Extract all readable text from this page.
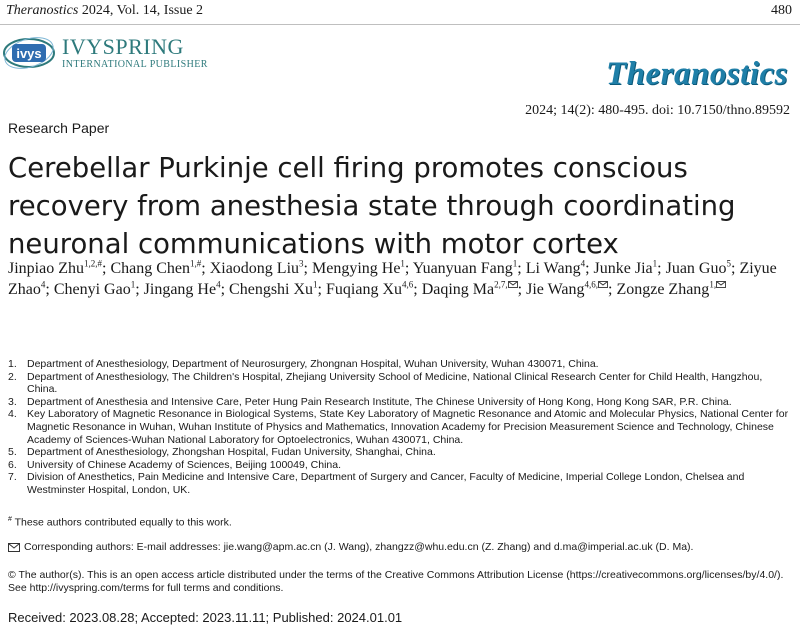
Theranostics 2024, Vol. 14, Issue 2	480
ivys IVYSPRING
INTERNATIONAL PUBLISHER	Theranostics
2024; 14(2): 480-495. doi: 10.7150/thno.89592
Research Paper
Cerebellar Purkinje cell firing promotes conscious recovery from anesthesia state through coordinating neuronal communications with motor cortex
Jinpiao Zhu$^{1,2,\#}$; Chang Chen$^{1,\#}$; Xiaodong Liu$^3$; Mengying He$^1$; Yuanyuan Fang$^1$; Li Wang$^4$; Junke Jia$^1$; Juan Guo$^5$; Ziyue Zhao$^4$; Chenyi Gao$^1$; Jingang He$^4$; Chengshi Xu$^1$; Fuqiang Xu$^{4,6}$; Daqing $Ma^{2,7,}$ ; Jie Wang$^{4,6,}$ ; Zongze Zhang$^{1,}$
1. Department of Anesthesiology, Department of Neurosurgery, Zhongnan Hospital, Wuhan University, Wuhan 430071, China.
2. Department of Anesthesiology, The Children's Hospital, Zhejiang University School of Medicine, National Clinical Research Center for Child Health, Hangzhou, China.
3. Department of Anesthesia and Intensive Care, Peter Hung Pain Research Institute, The Chinese University of Hong Kong, Hong Kong SAR, P.R. China.
4. Key Laboratory of Magnetic Resonance in Biological Systems, State Key Laboratory of Magnetic Resonance and Atomic and Molecular Physics, National Center for Magnetic Resonance in Wuhan, Wuhan Institute of Physics and Mathematics, Innovation Academy for Precision Measurement Science and Technology, Chinese Academy of Sciences-Wuhan National Laboratory for Optoelectronics, Wuhan 430071, China.
5. Department of Anesthesiology, Zhongshan Hospital, Fudan University, Shanghai, China.
6. University of Chinese Academy of Sciences, Beijing 100049, China.
7. Division of Anesthetics, Pain Medicine and Intensive Care, Department of Surgery and Cancer, Faculty of Medicine, Imperial College London, Chelsea and Westminster Hospital, London, UK.
# These authors contributed equally to this work.
Corresponding authors: E-mail addresses: jie.wang@apm.ac.cn (J. Wang), zhangzz@whu.edu.cn (Z. Zhang) and d.ma@imperial.ac.uk (D. Ma).
© The author(s). This is an open access article distributed under the terms of the Creative Commons Attribution License (https://creativecommons.org/licenses/by/4.0/). See http://ivyspring.com/terms for full terms and conditions.
Received: 2023.08.28; Accepted: 2023.11.11; Published: 2024.01.01
